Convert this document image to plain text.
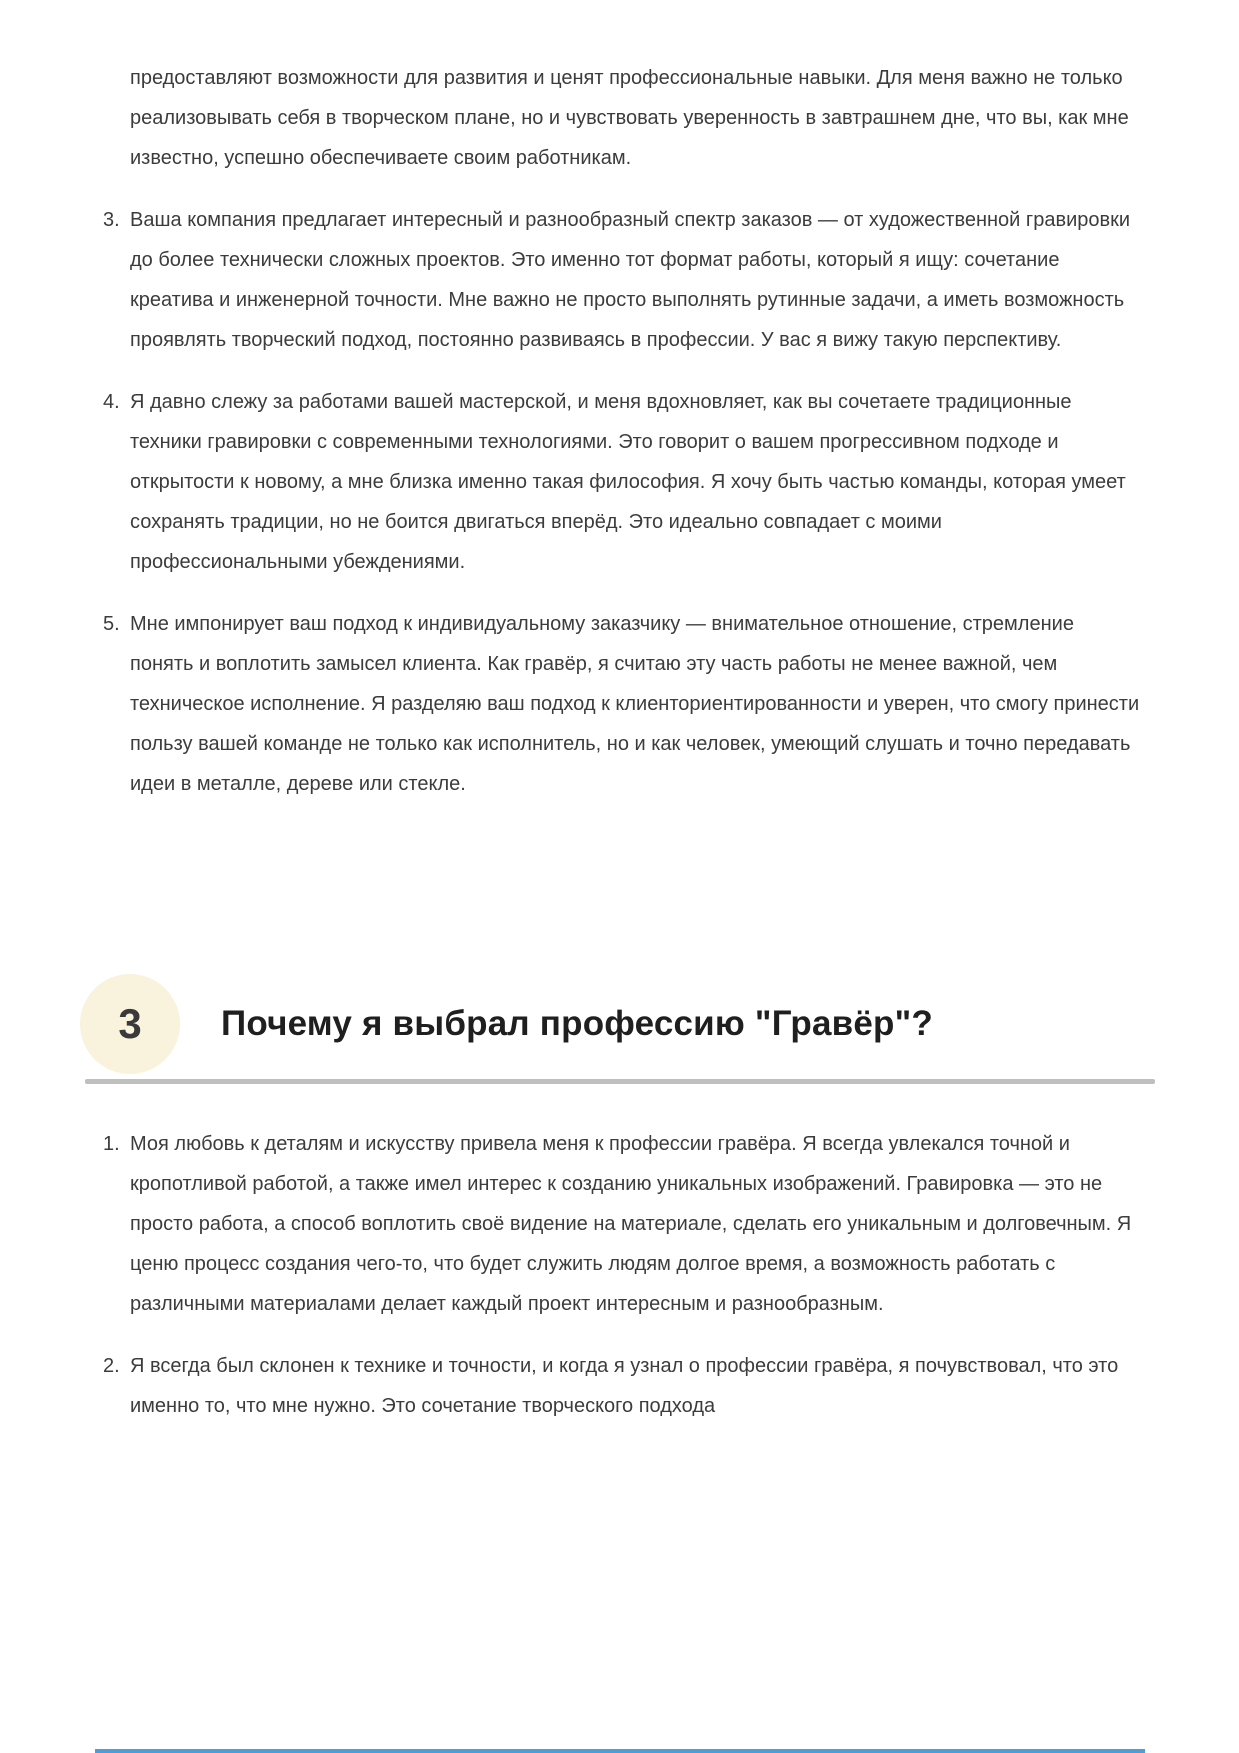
предоставляют возможности для развития и ценят профессиональные навыки. Для меня важно не только реализовывать себя в творческом плане, но и чувствовать уверенность в завтрашнем дне, что вы, как мне известно, успешно обеспечиваете своим работникам.

3. Ваша компания предлагает интересный и разнообразный спектр заказов — от художественной гравировки до более технически сложных проектов. Это именно тот формат работы, который я ищу: сочетание креатива и инженерной точности. Мне важно не просто выполнять рутинные задачи, а иметь возможность проявлять творческий подход, постоянно развиваясь в профессии. У вас я вижу такую перспективу.
4. Я давно слежу за работами вашей мастерской, и меня вдохновляет, как вы сочетаете традиционные техники гравировки с современными технологиями. Это говорит о вашем прогрессивном подходе и открытости к новому, а мне близка именно такая философия. Я хочу быть частью команды, которая умеет сохранять традиции, но не боится двигаться вперёд. Это идеально совпадает с моими профессиональными убеждениями.
5. Мне импонирует ваш подход к индивидуальному заказчику — внимательное отношение, стремление понять и воплотить замысел клиента. Как гравёр, я считаю эту часть работы не менее важной, чем техническое исполнение. Я разделяю ваш подход к клиенториентированности и уверен, что смогу принести пользу вашей команде не только как исполнитель, но и как человек, умеющий слушать и точно передавать идеи в металле, дереве или стекле.
3 Почему я выбрал профессию "Гравёр"?
1. Моя любовь к деталям и искусству привела меня к профессии гравёра. Я всегда увлекался точной и кропотливой работой, а также имел интерес к созданию уникальных изображений. Гравировка — это не просто работа, а способ воплотить своё видение на материале, сделать его уникальным и долговечным. Я ценю процесс создания чего-то, что будет служить людям долгое время, а возможность работать с различными материалами делает каждый проект интересным и разнообразным.
2. Я всегда был склонен к технике и точности, и когда я узнал о профессии гравёра, я почувствовал, что это именно то, что мне нужно. Это сочетание творческого подхода
